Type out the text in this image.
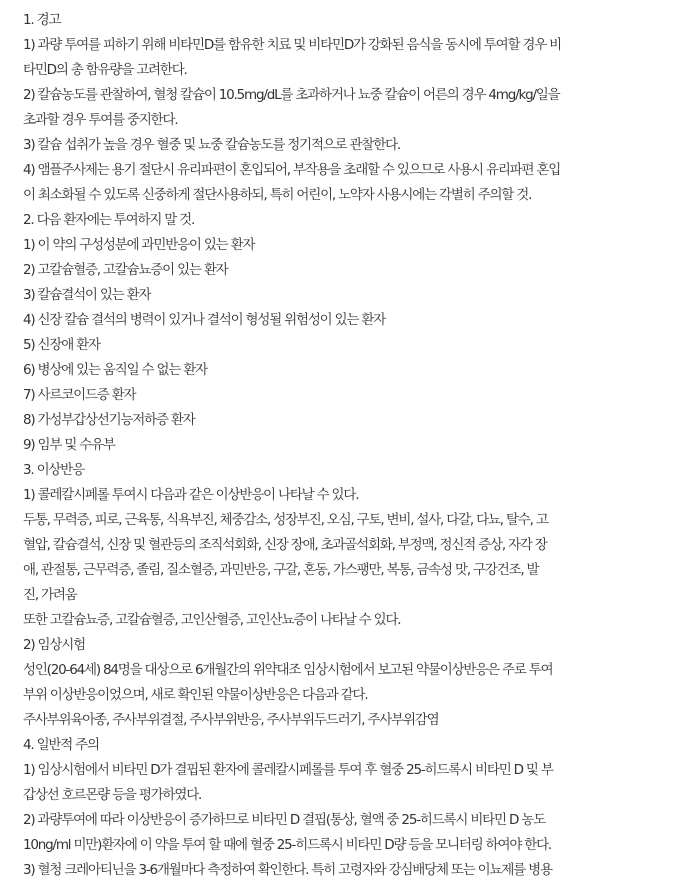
1. 경고
1) 과량 투여를 피하기 위해 비타민D를 함유한 치료 및 비타민D가 강화된 음식을 동시에 투여할 경우 비
타민D의 총 함유량을 고려한다.
2) 칼슘농도를 관찰하여, 혈청 칼슘이 10.5mg/dL를 초과하거나 뇨중 칼슘이 어른의 경우 4mg/kg/일을
초과할 경우 투여를 중지한다.
3) 칼슘 섭취가 높을 경우 혈중 및 뇨중 칼슘농도를 정기적으로 관찰한다.
4) 앰플주사제는 용기 절단시 유리파편이 혼입되어, 부작용을 초래할 수 있으므로 사용시 유리파편 혼입
이 최소화될 수 있도록 신중하게 절단사용하되, 특히 어린이, 노약자 사용시에는 각별히 주의할 것.
2. 다음 환자에는 투여하지 말 것.
1) 이 약의 구성성분에 과민반응이 있는 환자
2) 고칼슘혈증, 고칼슘뇨증이 있는 환자
3) 칼슘결석이 있는 환자
4) 신장 칼슘 결석의 병력이 있거나 결석이 형성될 위험성이 있는 환자
5) 신장애 환자
6) 병상에 있는 움직일 수 없는 환자
7) 사르코이드증 환자
8) 가성부갑상선기능저하증 환자
9) 임부 및 수유부
3. 이상반응
1) 콜레칼시페롤 투여시 다음과 같은 이상반응이 나타날 수 있다.
두통, 무력증, 피로, 근육통, 식욕부진, 체중감소, 성장부진, 오심, 구토, 변비, 설사, 다갈, 다뇨, 탈수, 고
혈압, 칼슘결석, 신장 및 혈관등의 조직석회화, 신장 장애, 초과골석회화, 부정맥, 정신적 증상, 자각 장
애, 관절통, 근무력증, 졸림, 질소혈증, 과민반응, 구갈, 혼동, 가스팽만, 복통, 금속성 맛, 구강건조, 발
진, 가려움
또한 고칼슘뇨증, 고칼슘혈증, 고인산혈증, 고인산뇨증이 나타날 수 있다.
2) 임상시험
성인(20-64세) 84명을 대상으로 6개월간의 위약대조 임상시험에서 보고된 약물이상반응은 주로 투여
부위 이상반응이었으며, 새로 확인된 약물이상반응은 다음과 같다.
주사부위육아종, 주사부위결절, 주사부위반응, 주사부위두드러기, 주사부위감염
4. 일반적 주의
1) 임상시험에서 비타민 D가 결핍된 환자에 콜레칼시페롤를 투여 후 혈중 25-히드록시 비타민 D 및 부
갑상선 호르몬량 등을 평가하였다.
2) 과량투여에 따라 이상반응이 증가하므로 비타민 D 결핍(통상, 혈액 중 25-히드록시 비타민 D 농도
10ng/ml 미만)환자에 이 약을 투여 할 때에 혈중 25-히드록시 비타민 D량 등을 모니터링 하여야 한다.
3) 혈청 크레아티닌을 3-6개월마다 측정하여 확인한다. 특히 고령자와 강심배당체 또는 이뇨제를 병용
